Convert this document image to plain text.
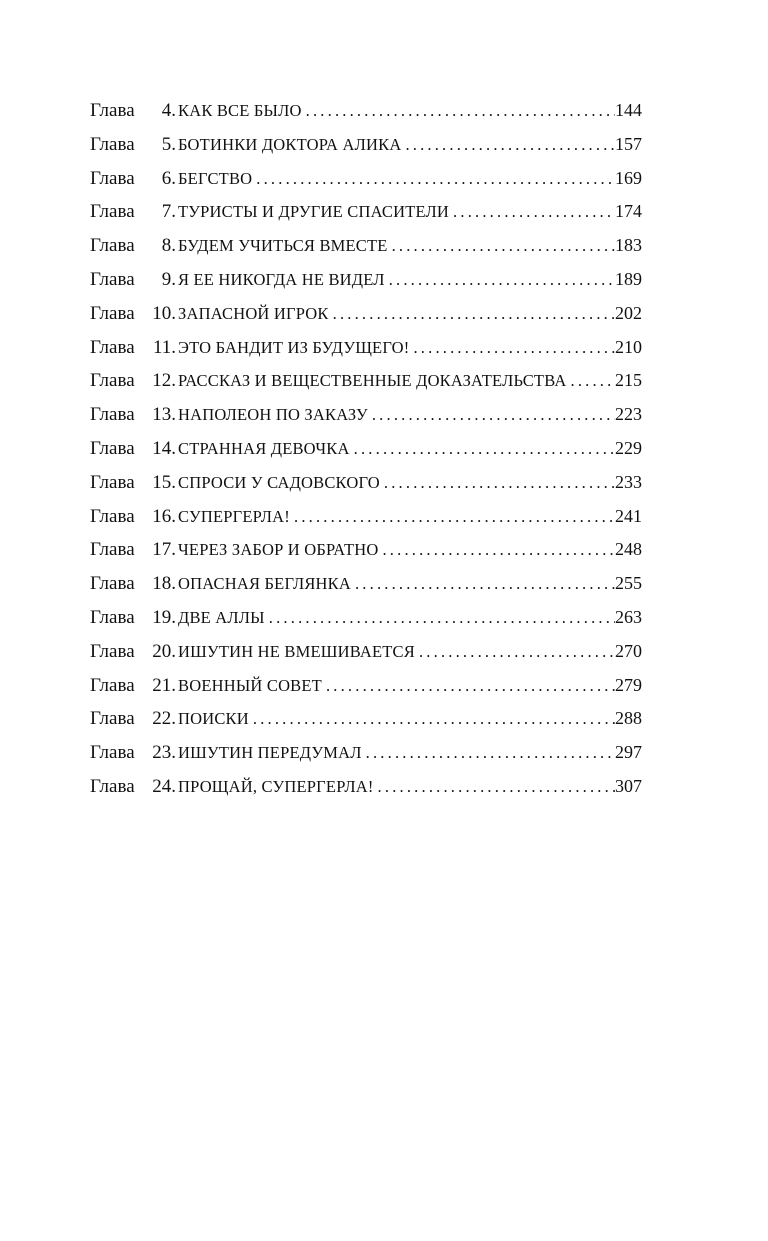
Глава 4. КАК ВСЕ БЫЛО .....	144
Глава 5. БОТИНКИ ДОКТОРА АЛИКА .....	157
Глава 6. БЕГСТВО .....	169
Глава 7. ТУРИСТЫ И ДРУГИЕ СПАСИТЕЛИ .....	174
Глава 8. БУДЕМ УЧИТЬСЯ ВМЕСТЕ .....	183
Глава 9. Я ЕЕ НИКОГДА НЕ ВИДЕЛ .....	189
Глава 10. ЗАПАСНОЙ ИГРОК .....	202
Глава 11. ЭТО БАНДИТ ИЗ БУДУЩЕГО! .....	210
Глава 12. РАССКАЗ И ВЕЩЕСТВЕННЫЕ ДОКАЗАТЕЛЬСТВА .....	215
Глава 13. НАПОЛЕОН ПО ЗАКАЗУ .....	223
Глава 14. СТРАННАЯ ДЕВОЧКА .....	229
Глава 15. СПРОСИ У САДОВСКОГО .....	233
Глава 16. СУПЕРГЕРЛА! .....	241
Глава 17. ЧЕРЕЗ ЗАБОР И ОБРАТНО .....	248
Глава 18. ОПАСНАЯ БЕГЛЯНКА .....	255
Глава 19. ДВЕ АЛЛЫ .....	263
Глава 20. ИШУТИН НЕ ВМЕШИВАЕТСЯ .....	270
Глава 21. ВОЕННЫЙ СОВЕТ .....	279
Глава 22. ПОИСКИ .....	288
Глава 23. ИШУТИН ПЕРЕДУМАЛ .....	297
Глава 24. ПРОЩАЙ, СУПЕРГЕРЛА! .....	307
